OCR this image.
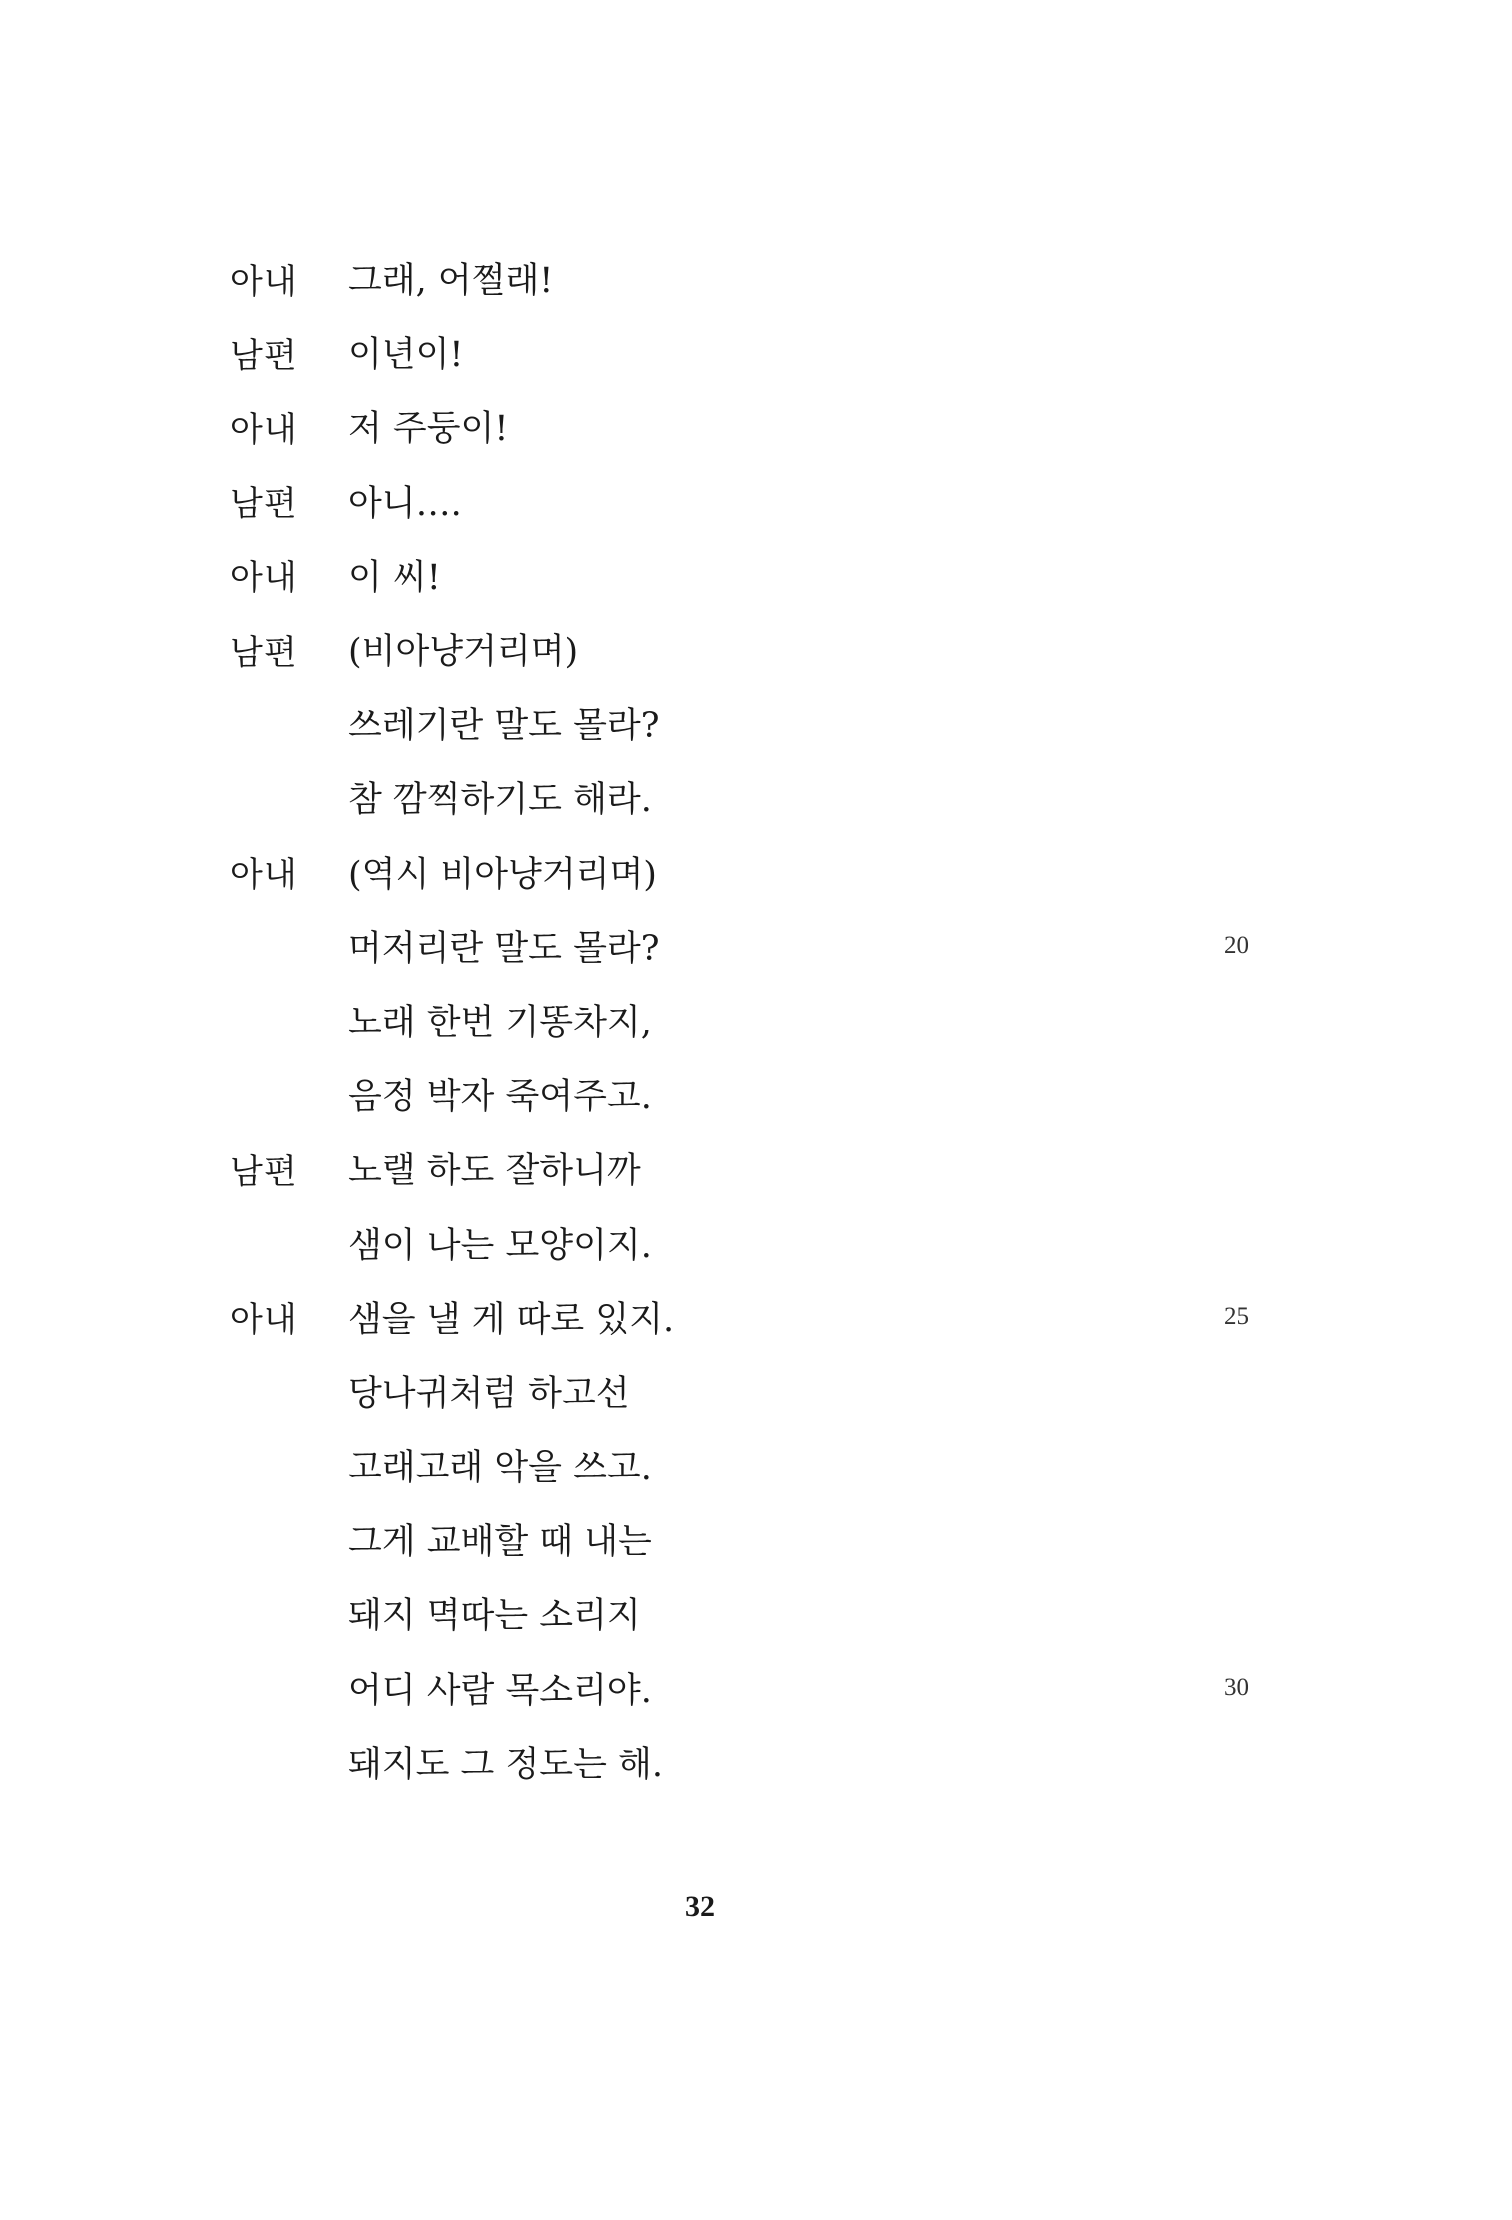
아내	그래, 어쩔래!
남편	이년이!
아내	저 주둥이!
남편	아니….
아내	이 씨!
남편	(비아냥거리며)
쓰레기란 말도 몰라?
참 깜찍하기도 해라.
아내	(역시 비아냥거리며)
머저리란 말도 몰라?	20
노래 한번 기똥차지,
음정 박자 죽여주고.
남편	노랠 하도 잘하니까
샘이 나는 모양이지.
아내	샘을 낼 게 따로 있지.	25
당나귀처럼 하고선
고래고래 악을 쓰고.
그게 교배할 때 내는
돼지 멱따는 소리지
어디 사람 목소리야.	30
돼지도 그 정도는 해.
32
